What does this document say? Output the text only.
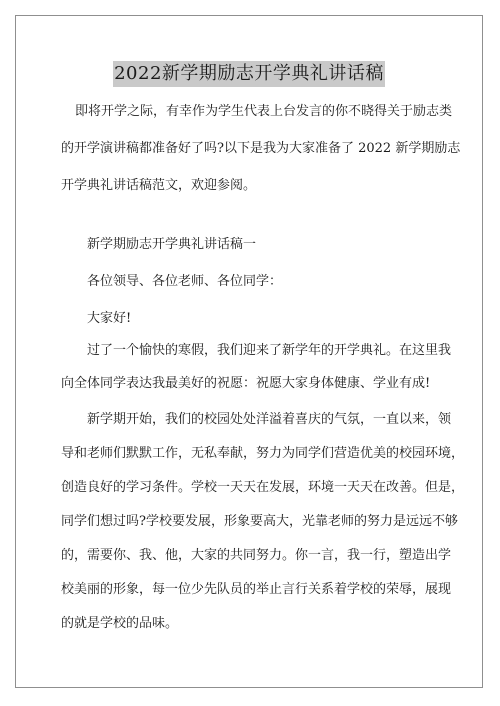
2022新学期励志开学典礼讲话稿
即将开学之际，有幸作为学生代表上台发言的你不晓得关于励志类
的开学演讲稿都准备好了吗?以下是我为大家准备了 2022 新学期励志
开学典礼讲话稿范文，欢迎参阅。
新学期励志开学典礼讲话稿一
各位领导、各位老师、各位同学：
大家好!
过了一个愉快的寒假，我们迎来了新学年的开学典礼。在这里我
向全体同学表达我最美好的祝愿：祝愿大家身体健康、学业有成!
新学期开始，我们的校园处处洋溢着喜庆的气氛，一直以来，领
导和老师们默默工作，无私奉献，努力为同学们营造优美的校园环境，
创造良好的学习条件。学校一天天在发展，环境一天天在改善。但是，
同学们想过吗?学校要发展，形象要高大，光靠老师的努力是远远不够
的，需要你、我、他，大家的共同努力。你一言，我一行，塑造出学
校美丽的形象，每一位少先队员的举止言行关系着学校的荣辱，展现
的就是学校的品味。
